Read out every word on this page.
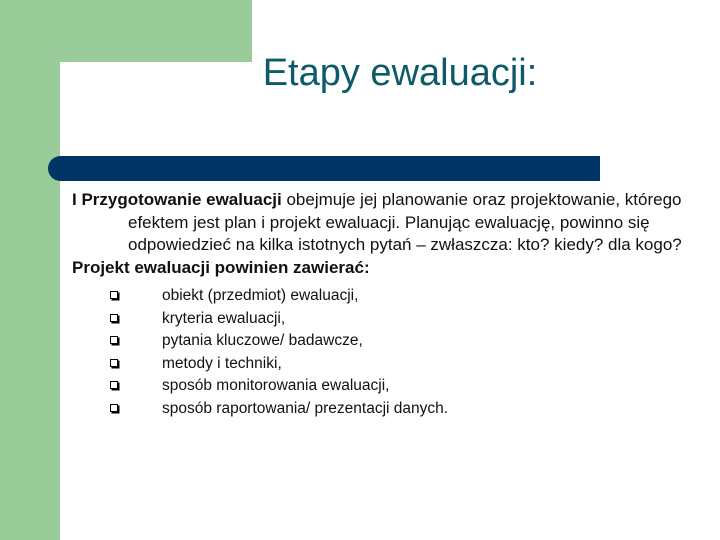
Etapy ewaluacji:

I Przygotowanie ewaluacji obejmuje jej planowanie oraz projektowanie, którego efektem jest plan i projekt ewaluacji. Planując ewaluację, powinno się odpowiedzieć na kilka istotnych pytań – zwłaszcza: kto? kiedy? dla kogo?

Projekt ewaluacji powinien zawierać:

obiekt (przedmiot) ewaluacji,
kryteria ewaluacji,
pytania kluczowe/ badawcze,
metody i techniki,
sposób monitorowania ewaluacji,
sposób raportowania/ prezentacji danych.
